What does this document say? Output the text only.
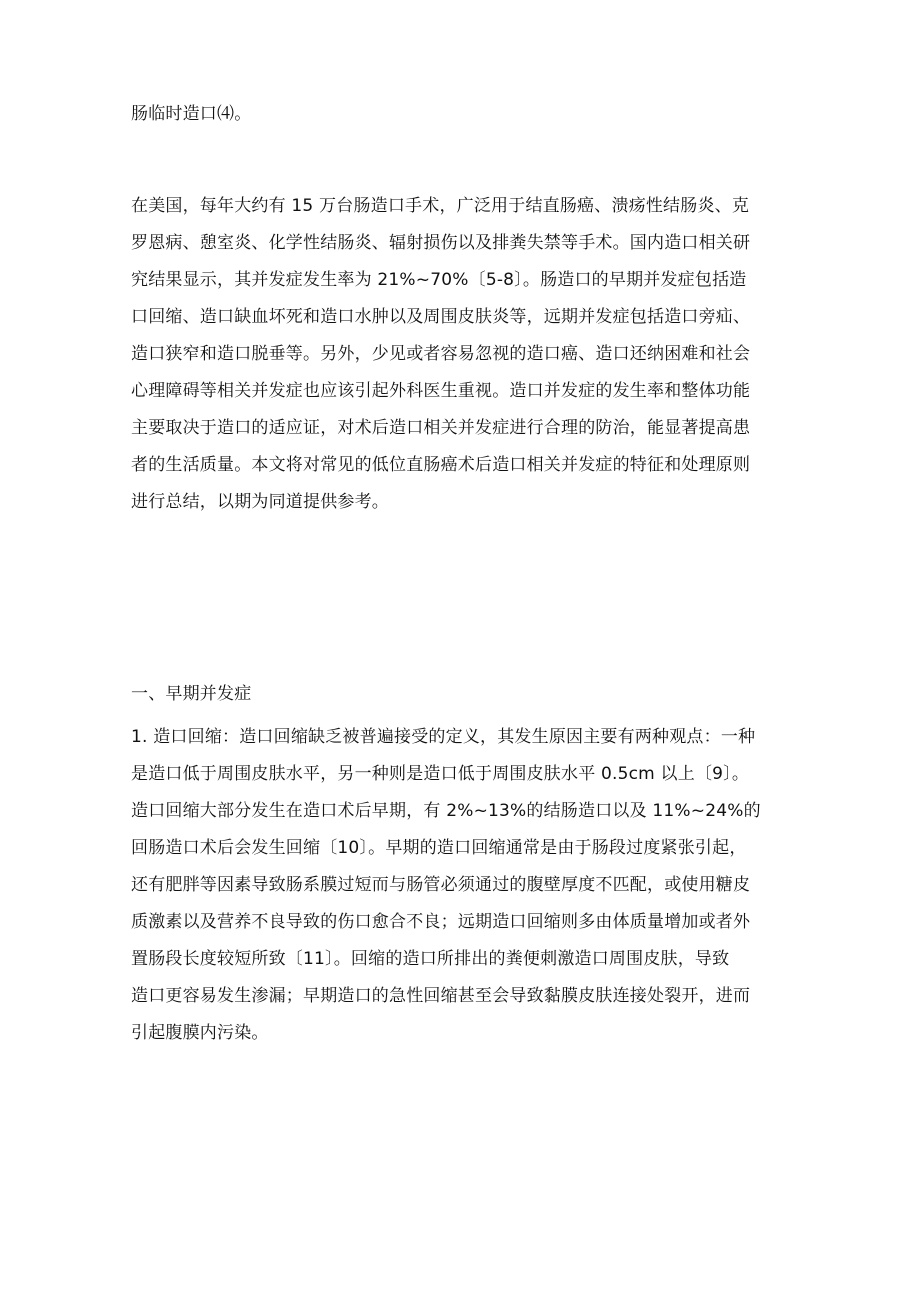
肠临时造口⑷。
在美国，每年大约有 15 万台肠造口手术，广泛用于结直肠癌、溃疡性结肠炎、克
罗恩病、憩室炎、化学性结肠炎、辐射损伤以及排粪失禁等手术。国内造口相关研
究结果显示，其并发症发生率为 21%~70%〔5-8〕。肠造口的早期并发症包括造
口回缩、造口缺血坏死和造口水肿以及周围皮肤炎等，远期并发症包括造口旁疝、
造口狭窄和造口脱垂等。另外，少见或者容易忽视的造口癌、造口还纳困难和社会
心理障碍等相关并发症也应该引起外科医生重视。造口并发症的发生率和整体功能
主要取决于造口的适应证，对术后造口相关并发症进行合理的防治，能显著提高患
者的生活质量。本文将对常见的低位直肠癌术后造口相关并发症的特征和处理原则
进行总结，以期为同道提供参考。
一、早期并发症
1. 造口回缩：造口回缩缺乏被普遍接受的定义，其发生原因主要有两种观点：一种
是造口低于周围皮肤水平，另一种则是造口低于周围皮肤水平 0.5cm 以上〔9〕。
造口回缩大部分发生在造口术后早期，有 2%~13%的结肠造口以及 11%~24%的
回肠造口术后会发生回缩〔10〕。早期的造口回缩通常是由于肠段过度紧张引起，
还有肥胖等因素导致肠系膜过短而与肠管必须通过的腹壁厚度不匹配，或使用糖皮
质激素以及营养不良导致的伤口愈合不良；远期造口回缩则多由体质量增加或者外
置肠段长度较短所致〔11〕。回缩的造口所排出的粪便刺激造口周围皮肤，导致
造口更容易发生渗漏；早期造口的急性回缩甚至会导致黏膜皮肤连接处裂开，进而
引起腹膜内污染。
